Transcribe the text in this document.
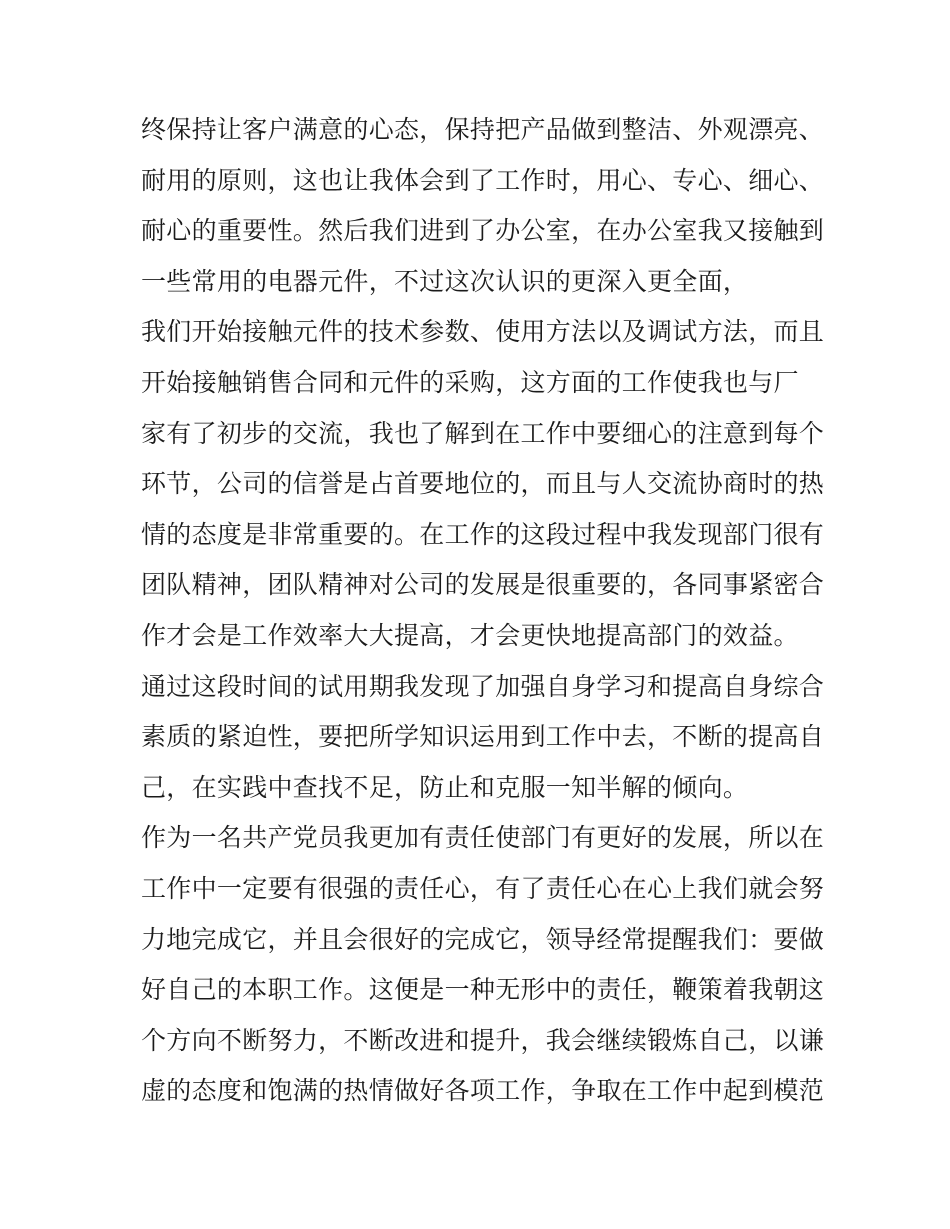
终保持让客户满意的心态，保持把产品做到整洁、外观漂亮、
耐用的原则，这也让我体会到了工作时，用心、专心、细心、
耐心的重要性。然后我们进到了办公室，在办公室我又接触到
一些常用的电器元件，不过这次认识的更深入更全面，
我们开始接触元件的技术参数、使用方法以及调试方法，而且
开始接触销售合同和元件的采购，这方面的工作使我也与厂
家有了初步的交流，我也了解到在工作中要细心的注意到每个
环节，公司的信誉是占首要地位的，而且与人交流协商时的热
情的态度是非常重要的。在工作的这段过程中我发现部门很有
团队精神，团队精神对公司的发展是很重要的，各同事紧密合
作才会是工作效率大大提高，才会更快地提高部门的效益。
通过这段时间的试用期我发现了加强自身学习和提高自身综合
素质的紧迫性，要把所学知识运用到工作中去，不断的提高自
己，在实践中查找不足，防止和克服一知半解的倾向。
作为一名共产党员我更加有责任使部门有更好的发展，所以在
工作中一定要有很强的责任心，有了责任心在心上我们就会努
力地完成它，并且会很好的完成它，领导经常提醒我们：要做
好自己的本职工作。这便是一种无形中的责任，鞭策着我朝这
个方向不断努力，不断改进和提升，我会继续锻炼自己，以谦
虚的态度和饱满的热情做好各项工作，争取在工作中起到模范
